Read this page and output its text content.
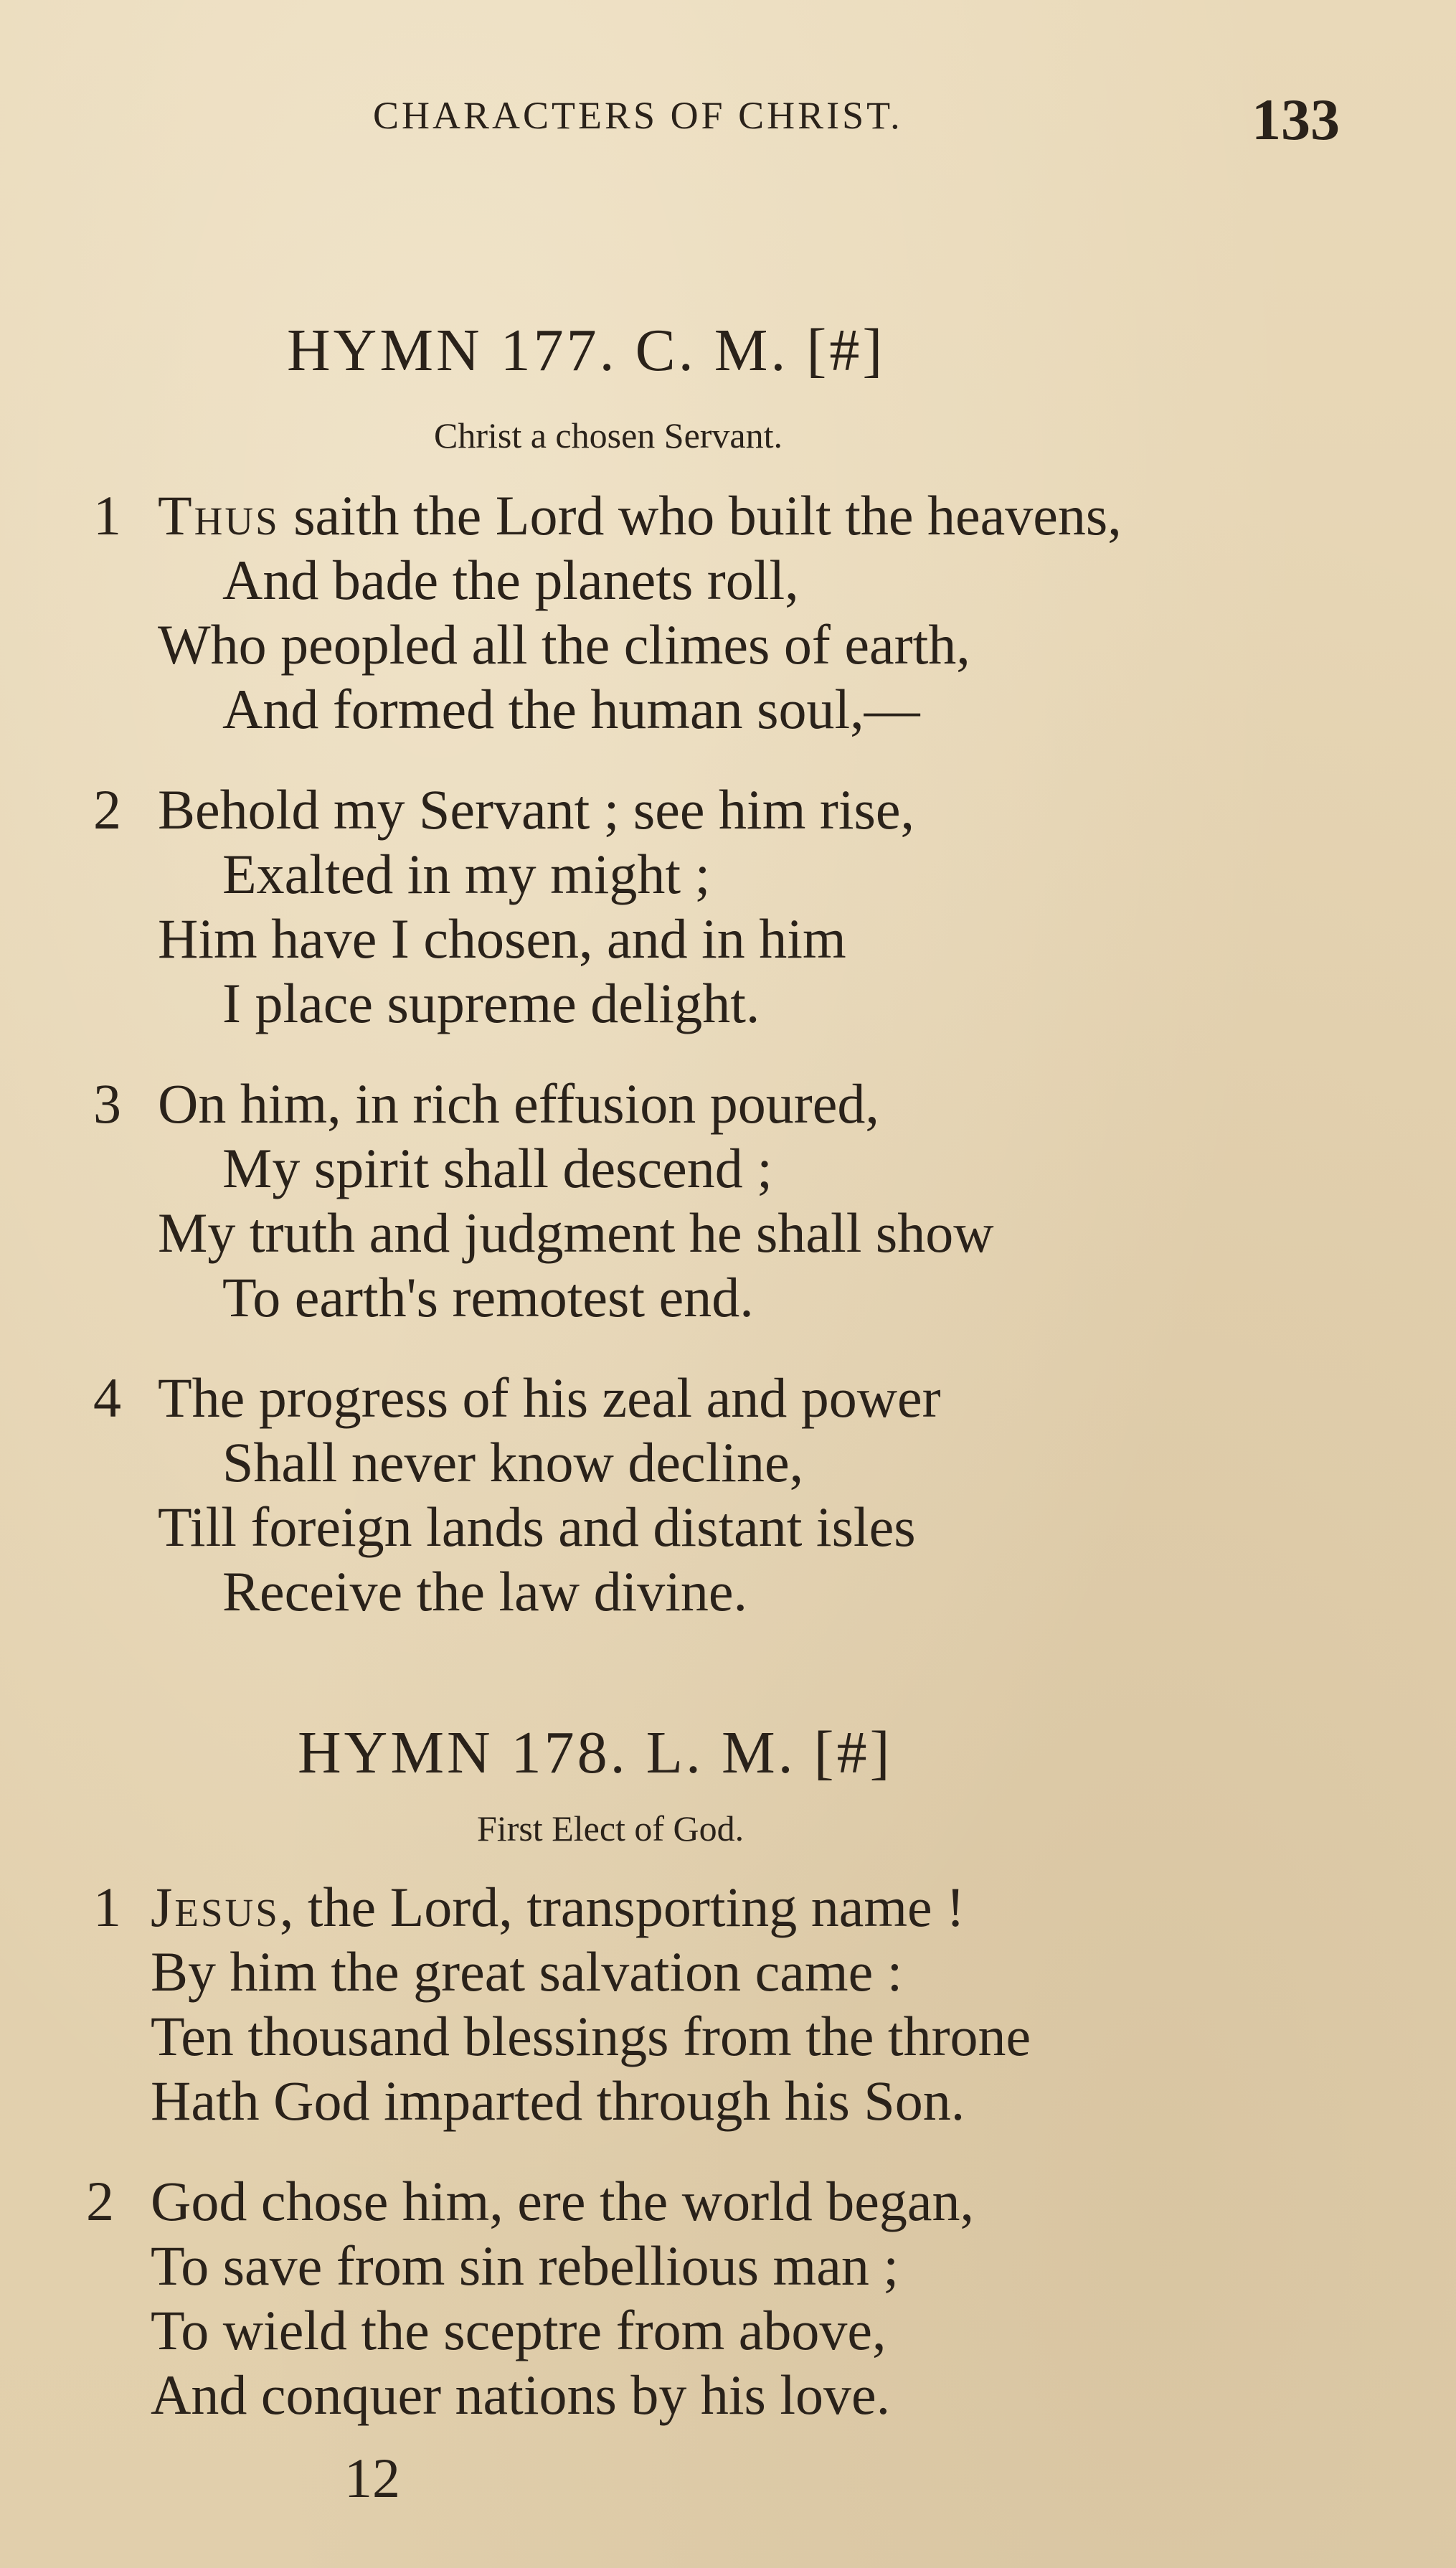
CHARACTERS OF CHRIST.	133
HYMN 177. C. M. [#]
Christ a chosen Servant.
1 Thus saith the Lord who built the heavens,
And bade the planets roll,
Who peopled all the climes of earth,
And formed the human soul,—
2 Behold my Servant ; see him rise,
Exalted in my might ;
Him have I chosen, and in him
I place supreme delight.
3 On him, in rich effusion poured,
My spirit shall descend ;
My truth and judgment he shall show
To earth's remotest end.
4 The progress of his zeal and power
Shall never know decline,
Till foreign lands and distant isles
Receive the law divine.
HYMN 178. L. M. [#]
First Elect of God.
1 Jesus, the Lord, transporting name !
By him the great salvation came :
Ten thousand blessings from the throne
Hath God imparted through his Son.
2 God chose him, ere the world began,
To save from sin rebellious man ;
To wield the sceptre from above,
And conquer nations by his love.
12
